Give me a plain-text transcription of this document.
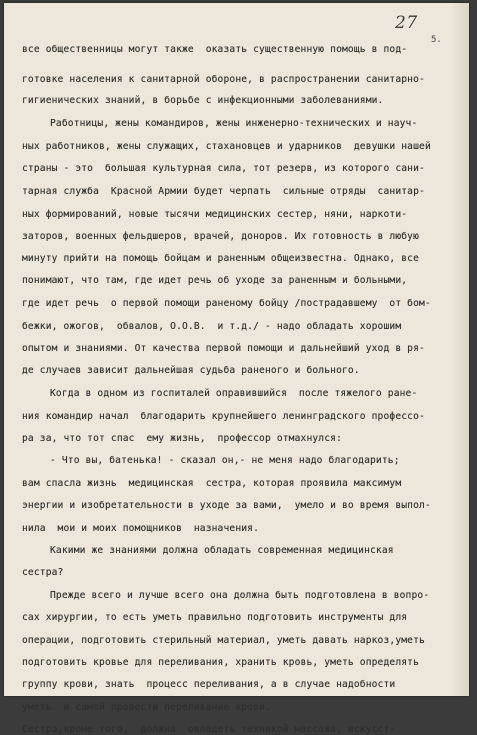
27
5.
все общественницы могут также  оказать существенную помощь в под-
готовке населения к санитарной обороне, в распространении санитарно-
гигиенических знаний, в борьбе с инфекционными заболеваниями.
Работницы, жены командиров, жены инженерно-технических и науч-
ных работников, жены служащих, стахановцев и ударников  девушки нашей
страны - это  большая культурная сила, тот резерв, из которого сани-
тарная служба  Красной Армии будет черпать  сильные отряды  санитар-
ных формирований, новые тысячи медицинских сестер, няни, наркоти-
заторов, военных фельдшеров, врачей, доноров. Их готовность в любую
минуту прийти на помощь бойцам и раненным общеизвестна. Однако, все
понимают, что там, где идет речь об уходе за раненным и больными,
где идет речь  о первой помощи раненому бойцу /пострадавшему  от бом-
бежки, ожогов,  обвалов, О.О.В.  и т.д./ - надо обладать хорошим
опытом и знаниями. От качества первой помощи и дальнейший уход в ря-
де случаев зависит дальнейшая судьба раненого и больного.
Когда в одном из госпиталей оправившийся  после тяжелого ране-
ния командир начал  благодарить крупнейшего ленинградского профессо-
ра за, что тот спас  ему жизнь,  профессор отмахнулся:
- Что вы, батенька! - сказал он,- не меня надо благодарить;
вам спасла жизнь  медицинская  сестра, которая проявила максимум
энергии и изобретательности в уходе за вами,  умело и во время выпол-
нила  мои и моих помощников  назначения.
Какими же знаниями должна обладать современная медицинская
сестра?
Прежде всего и лучше всего она должна быть подготовлена в вопро-
сах хирургии, то есть уметь правильно подготовить инструменты для
операции, подготовить стерильный материал, уметь давать наркоз,уметь
подготовить кровье для переливания, хранить кровь, уметь определять
группу крови, знать  процесс переливания, а в случае надобности
уметь  и самой провести переливание крови.
Сестра,кроме того,  должна  овладеть техникой массажа, искусст-
